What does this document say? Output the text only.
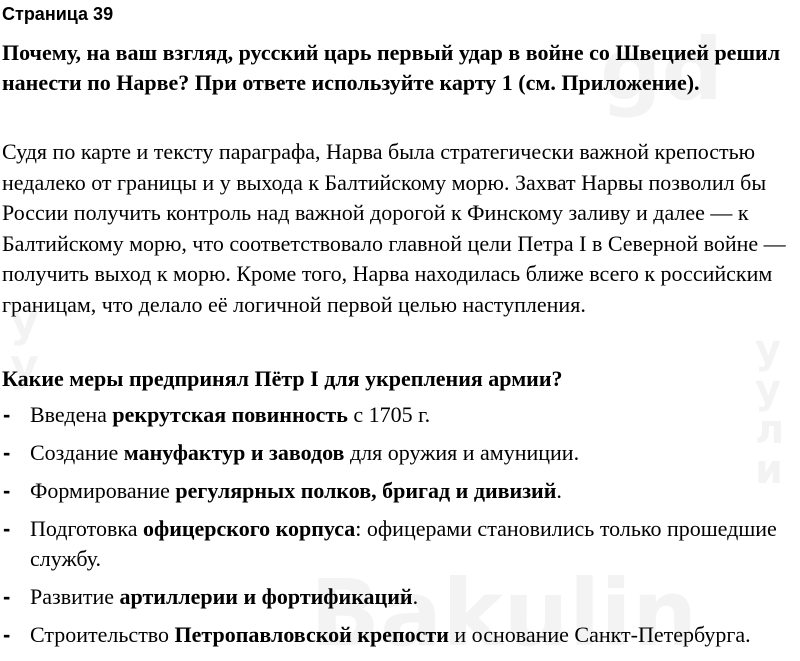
Страница 39

Почему, на ваш взгляд, русский царь первый удар в войне со Швецией решил нанести по Нарве? При ответе используйте карту 1 (см. Приложение).

Судя по карте и тексту параграфа, Нарва была стратегически важной крепостью недалеко от границы и у выхода к Балтийскому морю. Захват Нарвы позволил бы России получить контроль над важной дорогой к Финскому заливу и далее — к Балтийскому морю, что соответствовало главной цели Петра I в Северной войне — получить выход к морю. Кроме того, Нарва находилась ближе всего к российским границам, что делало её логичной первой целью наступления.

Какие меры предпринял Пётр I для укрепления армии?

- Введена рекрутская повинность с 1705 г.
- Создание мануфактур и заводов для оружия и амуниции.
- Формирование регулярных полков, бригад и дивизий.
- Подготовка офицерского корпуса: офицерами становились только прошедшие службу.
- Развитие артиллерии и фортификаций.
- Строительство Петропавловской крепости и основание Санкт-Петербурга.
